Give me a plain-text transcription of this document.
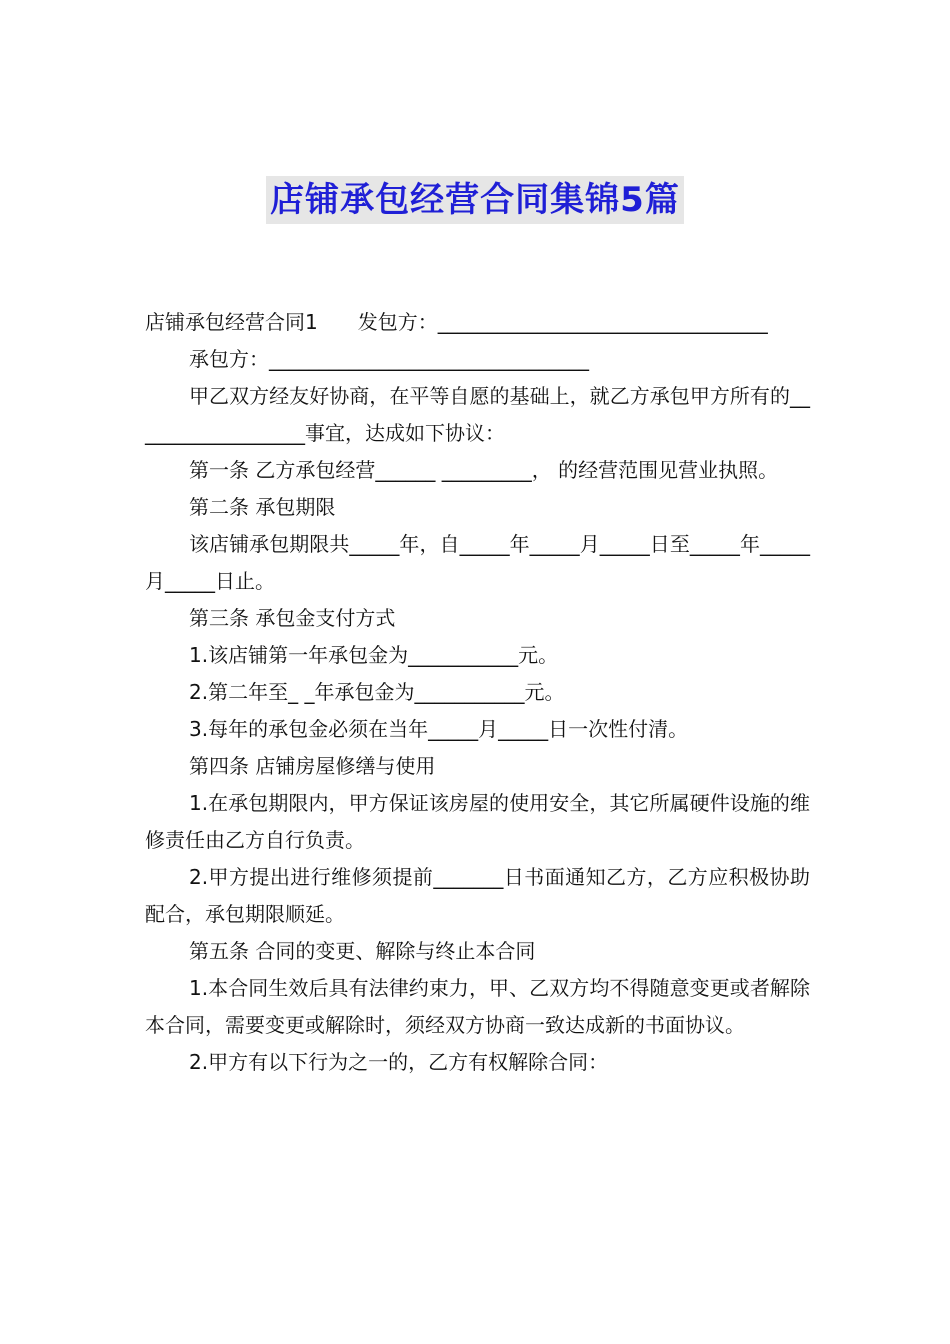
店铺承包经营合同集锦5篇

店铺承包经营合同1 发包方：_________________________________

承包方：________________________________

甲乙双方经友好协商，在平等自愿的基础上，就乙方承包甲方所有的__________________事宜，达成如下协议：

第一条 乙方承包经营______ _________， 的经营范围见营业执照。

第二条 承包期限

该店铺承包期限共_____年，自_____年_____月_____日至_____年_____月_____日止。

第三条 承包金支付方式

1.该店铺第一年承包金为___________元。

2.第二年至_ _年承包金为___________元。

3.每年的承包金必须在当年_____月_____日一次性付清。

第四条 店铺房屋修缮与使用

1.在承包期限内，甲方保证该房屋的使用安全，其它所属硬件设施的维修责任由乙方自行负责。

2.甲方提出进行维修须提前_______日书面通知乙方，乙方应积极协助配合，承包期限顺延。

第五条 合同的变更、解除与终止本合同

1.本合同生效后具有法律约束力，甲、乙双方均不得随意变更或者解除本合同，需要变更或解除时，须经双方协商一致达成新的书面协议。

2.甲方有以下行为之一的，乙方有权解除合同：
